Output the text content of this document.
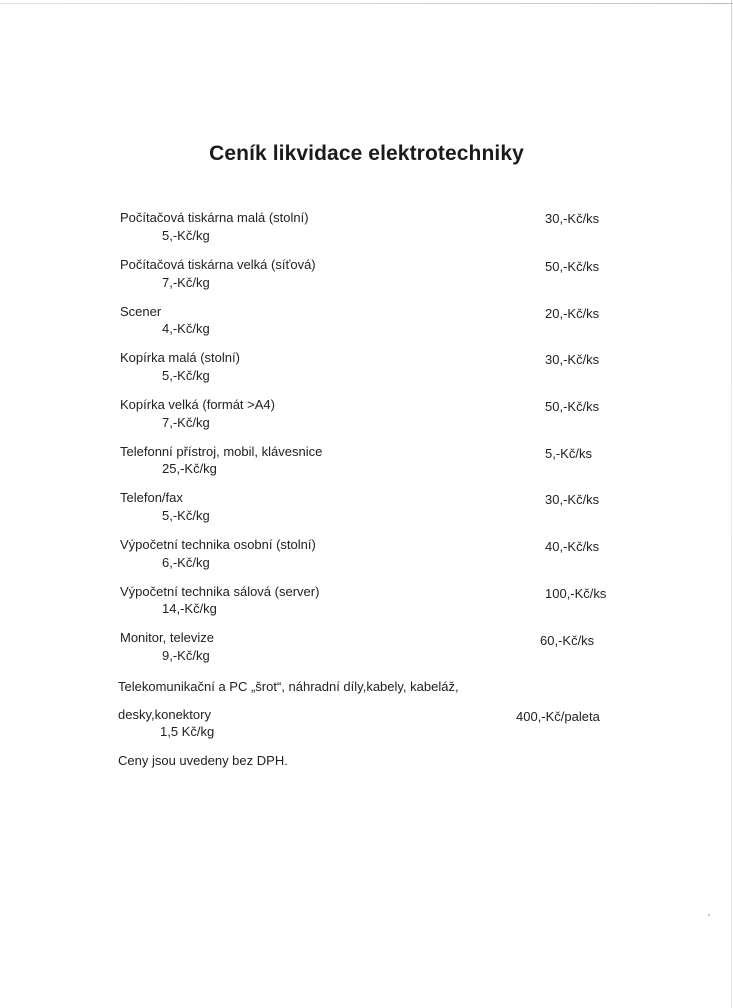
Ceník likvidace elektrotechniky
Počítačová tiskárna malá (stolní)
5,-Kč/kg
30,-Kč/ks
Počítačová tiskárna velká (síťová)
7,-Kč/kg
50,-Kč/ks
Scener
4,-Kč/kg
20,-Kč/ks
Kopírka malá (stolní)
5,-Kč/kg
30,-Kč/ks
Kopírka velká (formát >A4)
7,-Kč/kg
50,-Kč/ks
Telefonní přístroj, mobil, klávesnice
25,-Kč/kg
5,-Kč/ks
Telefon/fax
5,-Kč/kg
30,-Kč/ks
Výpočetní technika osobní (stolní)
6,-Kč/kg
40,-Kč/ks
Výpočetní technika sálová (server)
14,-Kč/kg
100,-Kč/ks
Monitor, televize
9,-Kč/kg
60,-Kč/ks
Telekomunikační a PC „šrot“, náhradní díly,kabely, kabeláž,
desky,konektory
1,5 Kč/kg
400,-Kč/paleta
Ceny jsou uvedeny bez DPH.
